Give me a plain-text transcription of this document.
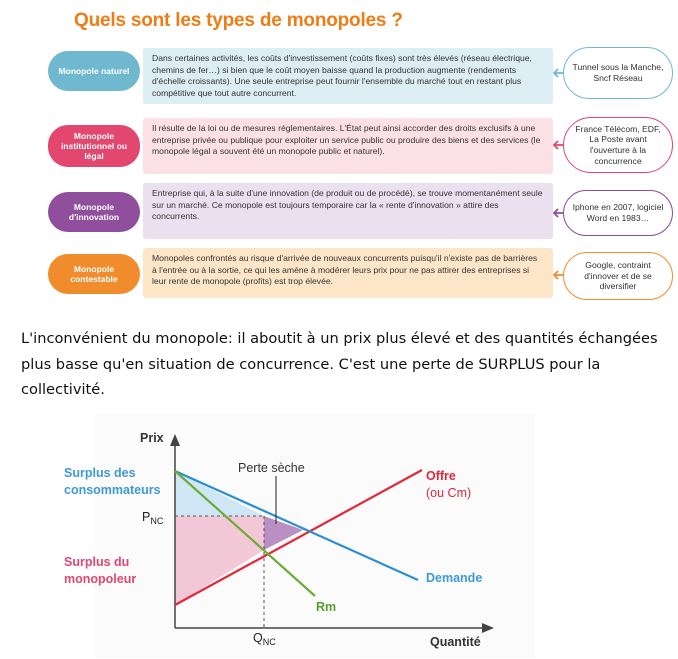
Quels sont les types de monopoles ?
Monopole naturel
Dans certaines activités, les coûts d'investissement (coûts fixes) sont très élevés (réseau électrique, chemins de fer…) si bien que le coût moyen baisse quand la production augmente (rendements d'échelle croissants). Une seule entreprise peut fournir l'ensemble du marché tout en restant plus compétitive que tout autre concurrent.
Tunnel sous la Manche, Sncf Réseau
Monopole institutionnel ou légal
Il résulte de la loi ou de mesures réglementaires. L'État peut ainsi accorder des droits exclusifs à une entreprise privée ou publique pour exploiter un service public ou produire des biens et des services (le monopole légal a souvent été un monopole public et naturel).
France Télécom, EDF, La Poste avant l'ouverture à la concurrence
Monopole d'innovation
Entreprise qui, à la suite d'une innovation (de produit ou de procédé), se trouve momentanément seule sur un marché. Ce monopole est toujours temporaire car la « rente d'innovation » attire des concurrents.
Iphone en 2007, logiciel Word en 1983…
Monopole contestable
Monopoles confrontés au risque d'arrivée de nouveaux concurrents puisqu'il n'existe pas de barrières à l'entrée ou à la sortie, ce qui les amène à modérer leurs prix pour ne pas attirer des entreprises si leur rente de monopole (profits) est trop élevée.
Google, contraint d'innover et de se diversifier
L'inconvénient du monopole: il aboutit à un prix plus élevé et des quantités échangées plus basse qu'en situation de concurrence. C'est une perte de SURPLUS pour la collectivité.
Prix
Quantité
$P_{NC}$
$Q_{NC}$
Perte sèche
Offre
(ou Cm)
Demande
Rm
Surplus des
consommateurs
Surplus du
monopoleur
